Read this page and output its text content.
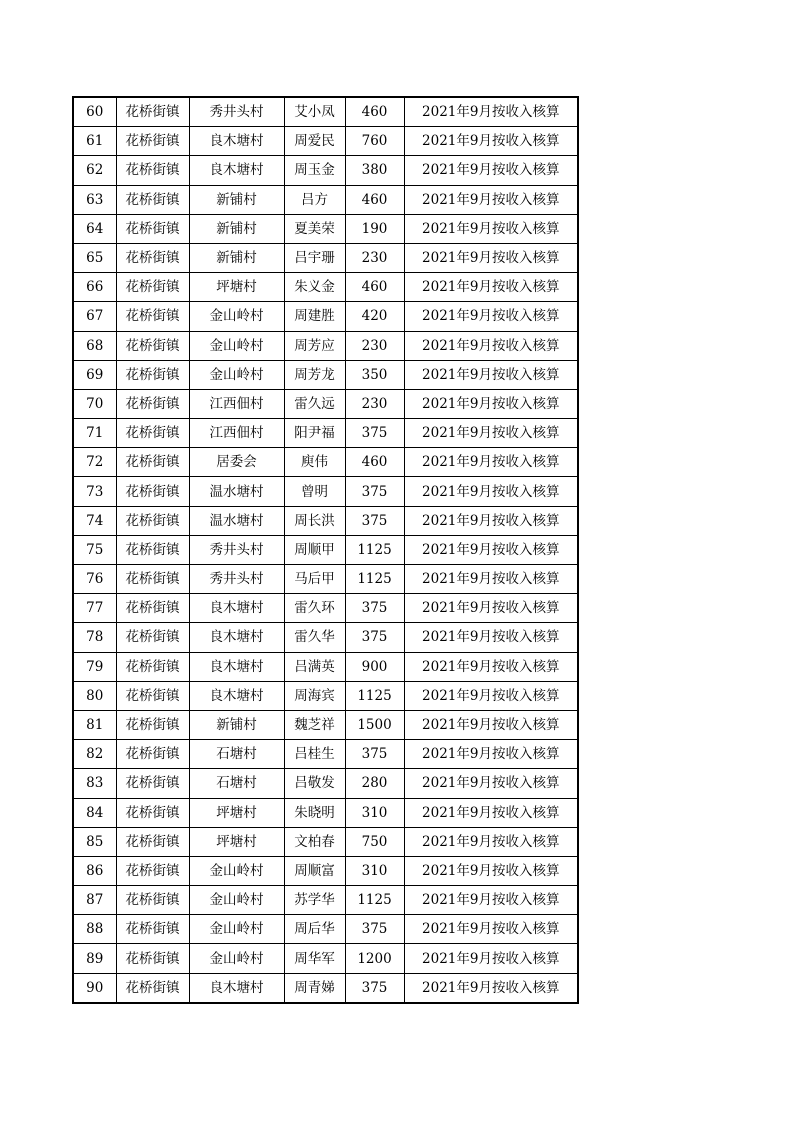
60	花桥街镇	秀井头村	艾小凤	460	2021年9月按收入核算
61	花桥街镇	良木塘村	周爱民	760	2021年9月按收入核算
62	花桥街镇	良木塘村	周玉金	380	2021年9月按收入核算
63	花桥街镇	新铺村	吕方	460	2021年9月按收入核算
64	花桥街镇	新铺村	夏美荣	190	2021年9月按收入核算
65	花桥街镇	新铺村	吕宇珊	230	2021年9月按收入核算
66	花桥街镇	坪塘村	朱义金	460	2021年9月按收入核算
67	花桥街镇	金山岭村	周建胜	420	2021年9月按收入核算
68	花桥街镇	金山岭村	周芳应	230	2021年9月按收入核算
69	花桥街镇	金山岭村	周芳龙	350	2021年9月按收入核算
70	花桥街镇	江西佃村	雷久远	230	2021年9月按收入核算
71	花桥街镇	江西佃村	阳尹福	375	2021年9月按收入核算
72	花桥街镇	居委会	庾伟	460	2021年9月按收入核算
73	花桥街镇	温水塘村	曾明	375	2021年9月按收入核算
74	花桥街镇	温水塘村	周长洪	375	2021年9月按收入核算
75	花桥街镇	秀井头村	周顺甲	1125	2021年9月按收入核算
76	花桥街镇	秀井头村	马后甲	1125	2021年9月按收入核算
77	花桥街镇	良木塘村	雷久环	375	2021年9月按收入核算
78	花桥街镇	良木塘村	雷久华	375	2021年9月按收入核算
79	花桥街镇	良木塘村	吕满英	900	2021年9月按收入核算
80	花桥街镇	良木塘村	周海宾	1125	2021年9月按收入核算
81	花桥街镇	新铺村	魏芝祥	1500	2021年9月按收入核算
82	花桥街镇	石塘村	吕桂生	375	2021年9月按收入核算
83	花桥街镇	石塘村	吕敬发	280	2021年9月按收入核算
84	花桥街镇	坪塘村	朱晓明	310	2021年9月按收入核算
85	花桥街镇	坪塘村	文柏春	750	2021年9月按收入核算
86	花桥街镇	金山岭村	周顺富	310	2021年9月按收入核算
87	花桥街镇	金山岭村	苏学华	1125	2021年9月按收入核算
88	花桥街镇	金山岭村	周后华	375	2021年9月按收入核算
89	花桥街镇	金山岭村	周华军	1200	2021年9月按收入核算
90	花桥街镇	良木塘村	周青娣	375	2021年9月按收入核算
